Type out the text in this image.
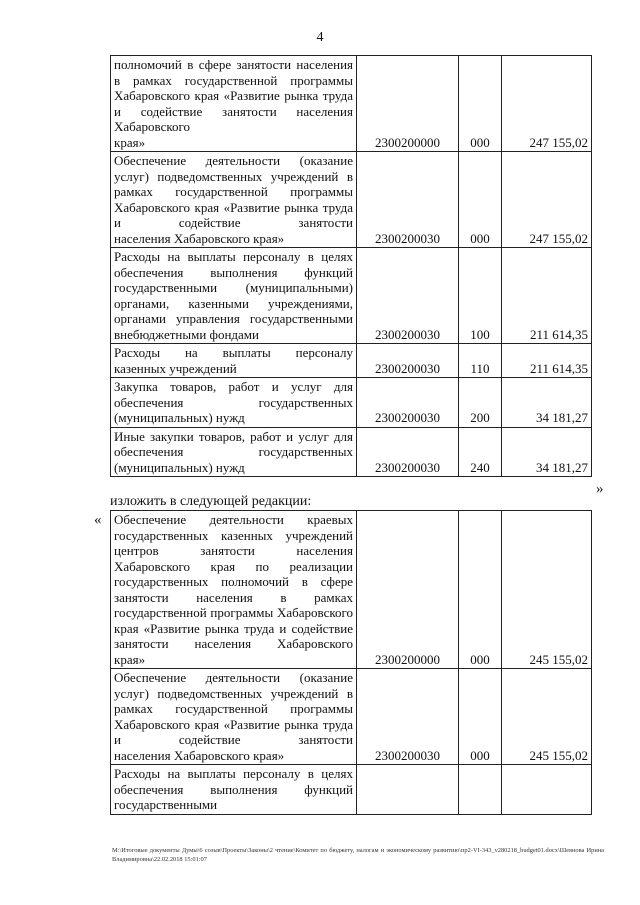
4
полномочий в сфере занятости населения в рамках государственной программы Хабаровского края «Развитие рынка труда и содействие занятости населения Хабаровского
края»	2300200000	000	247 155,02
Обеспечение деятельности (оказание услуг) подведомственных учреждений в рамках государственной программы Хабаровского края «Развитие рынка труда и содействие занятости
населения Хабаровского края»	2300200030	000	247 155,02
Расходы на выплаты персоналу в целях обеспечения выполнения функций государственными (муниципальными) органами, казенными учреждениями, органами управления государственными
внебюджетными фондами	2300200030	100	211 614,35
Расходы на выплаты персоналу
казенных учреждений	2300200030	110	211 614,35
Закупка товаров, работ и услуг для обеспечения государственных
(муниципальных) нужд	2300200030	200	34 181,27
Иные закупки товаров, работ и услуг для обеспечения государственных
(муниципальных) нужд	2300200030	240	34 181,27
»
изложить в следующей редакции:
« Обеспечение деятельности краевых государственных казенных учреждений центров занятости населения Хабаровского края по реализации государственных полномочий в сфере занятости населения в рамках государственной программы Хабаровского края «Развитие рынка труда и содействие занятости населения Хабаровского
края»	2300200000	000	245 155,02
Обеспечение деятельности (оказание услуг) подведомственных учреждений в рамках государственной программы Хабаровского края «Развитие рынка труда и содействие занятости
населения Хабаровского края»	2300200030	000	245 155,02
Расходы на выплаты персоналу в целях обеспечения выполнения функций государственными			
M:\Итоговые документы Думы\6 созыв\Проекты\Законы\2 чтение\Комитет по бюджету, налогам и экономическому развитию\пр2-VI-343_v280218_budget01.docx\Шеянова Ирина Владимировна\22.02.2018 15:01:07
